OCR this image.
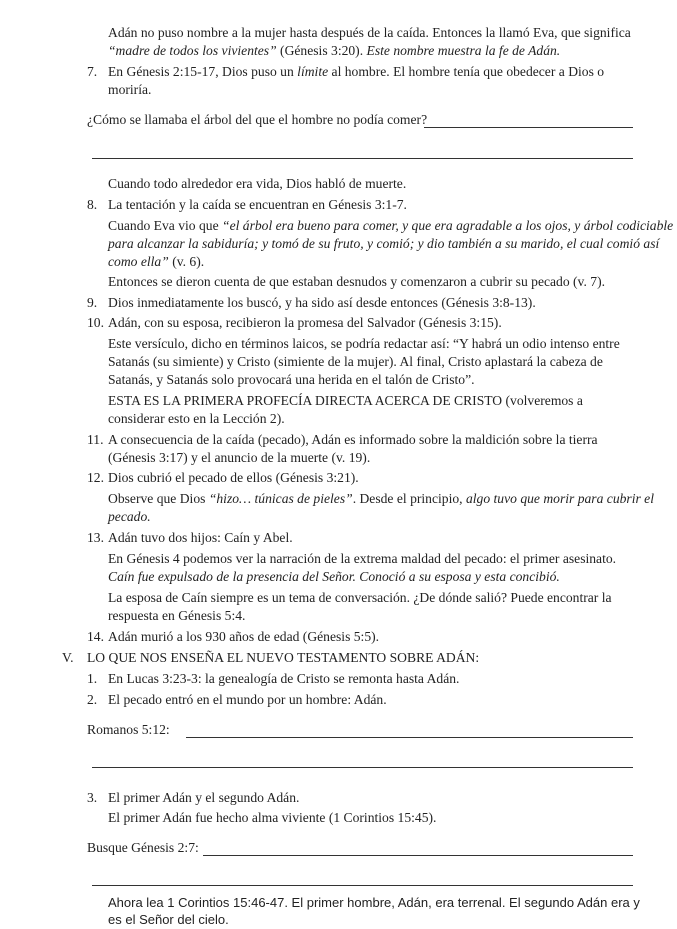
Adán no puso nombre a la mujer hasta después de la caída. Entonces la llamó Eva, que significa
“madre de todos los vivientes” (Génesis 3:20). Este nombre muestra la fe de Adán.
7. En Génesis 2:15-17, Dios puso un límite al hombre. El hombre tenía que obedecer a Dios o
moriría.
¿Cómo se llamaba el árbol del que el hombre no podía comer?
Cuando todo alrededor era vida, Dios habló de muerte.
8. La tentación y la caída se encuentran en Génesis 3:1-7.
Cuando Eva vio que “el árbol era bueno para comer, y que era agradable a los ojos, y árbol codiciable
para alcanzar la sabiduría; y tomó de su fruto, y comió; y dio también a su marido, el cual comió así
como ella” (v. 6).
Entonces se dieron cuenta de que estaban desnudos y comenzaron a cubrir su pecado (v. 7).
9. Dios inmediatamente los buscó, y ha sido así desde entonces (Génesis 3:8-13).
10. Adán, con su esposa, recibieron la promesa del Salvador (Génesis 3:15).
Este versículo, dicho en términos laicos, se podría redactar así: “Y habrá un odio intenso entre
Satanás (su simiente) y Cristo (simiente de la mujer). Al final, Cristo aplastará la cabeza de
Satanás, y Satanás solo provocará una herida en el talón de Cristo”.
ESTA ES LA PRIMERA PROFECÍA DIRECTA ACERCA DE CRISTO (volveremos a
considerar esto en la Lección 2).
11. A consecuencia de la caída (pecado), Adán es informado sobre la maldición sobre la tierra
(Génesis 3:17) y el anuncio de la muerte (v. 19).
12. Dios cubrió el pecado de ellos (Génesis 3:21).
Observe que Dios “hizo… túnicas de pieles”. Desde el principio, algo tuvo que morir para cubrir el
pecado.
13. Adán tuvo dos hijos: Caín y Abel.
En Génesis 4 podemos ver la narración de la extrema maldad del pecado: el primer asesinato.
Caín fue expulsado de la presencia del Señor. Conoció a su esposa y esta concibió.
La esposa de Caín siempre es un tema de conversación. ¿De dónde salió? Puede encontrar la
respuesta en Génesis 5:4.
14. Adán murió a los 930 años de edad (Génesis 5:5).
V. LO QUE NOS ENSEÑA EL NUEVO TESTAMENTO SOBRE ADÁN:
1. En Lucas 3:23-3: la genealogía de Cristo se remonta hasta Adán.
2. El pecado entró en el mundo por un hombre: Adán.
Romanos 5:12:
3. El primer Adán y el segundo Adán.
El primer Adán fue hecho alma viviente (1 Corintios 15:45).
Busque Génesis 2:7:
Ahora lea 1 Corintios 15:46-47. El primer hombre, Adán, era terrenal. El segundo Adán era y
es el Señor del cielo.
